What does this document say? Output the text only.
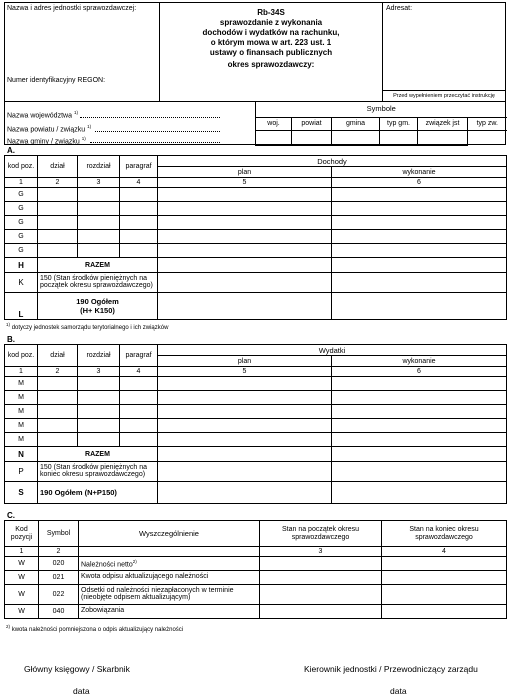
Nazwa i adres jednostki sprawozdawczej:
Numer identyfikacyjny REGON:
Rb-34S
sprawozdanie z wykonania
dochodów i wydatków na rachunku,
o którym mowa w art. 223 ust. 1
ustawy o finansach publicznych
okres sprawozdawczy:
Adresat:
Przed wypełnieniem przeczytać instrukcję
Nazwa województwa $^{1)}$
Nazwa powiatu / związku $^{1)}$
Nazwa gminy / związku $^{1)}$
Symbole					
woj.	powiat	gmina	typ gm.	związek jst	typ zw.

A.
kod poz.	dział	rozdział	paragraf	Dochody	
				plan	wykonanie
1	2	3	4	5	6
G					
G					
G					
G					
G					
H	RAZEM				
K	150 (Stan środków pieniężnych na początek okresu sprawozdawczego)				
L	190 Ogółem
(H+ K150)				

$^{1)}$ dotyczy jednostek samorządu terytorialnego i ich związków
B.
kod poz.	dział	rozdział	paragraf	Wydatki	
				plan	wykonanie
1	2	3	4	5	6
M					
M					
M					
M					
M					
N	RAZEM				
P	150 (Stan środków pieniężnych na koniec okresu sprawozdawczego)				
S	190 Ogółem (N+P150)				
C.
Kod pozycji	Symbol	Wyszczególnienie	Stan na początek okresu sprawozdawczego	Stan na koniec okresu sprawozdawczego
1	2		3	4
W	020	Należności netto$^{2)}$		
W	021	Kwota odpisu aktualizującego należności		
W	022	Odsetki od należności niezapłaconych w terminie (nieobjęte odpisem aktualizującym)		
W	040	Zobowiązania		
$^{2)}$ kwota należności pomniejszona o odpis aktualizujący należności
Główny księgowy / Skarbnik	Kierownik jednostki / Przewodniczący zarządu
data	data
